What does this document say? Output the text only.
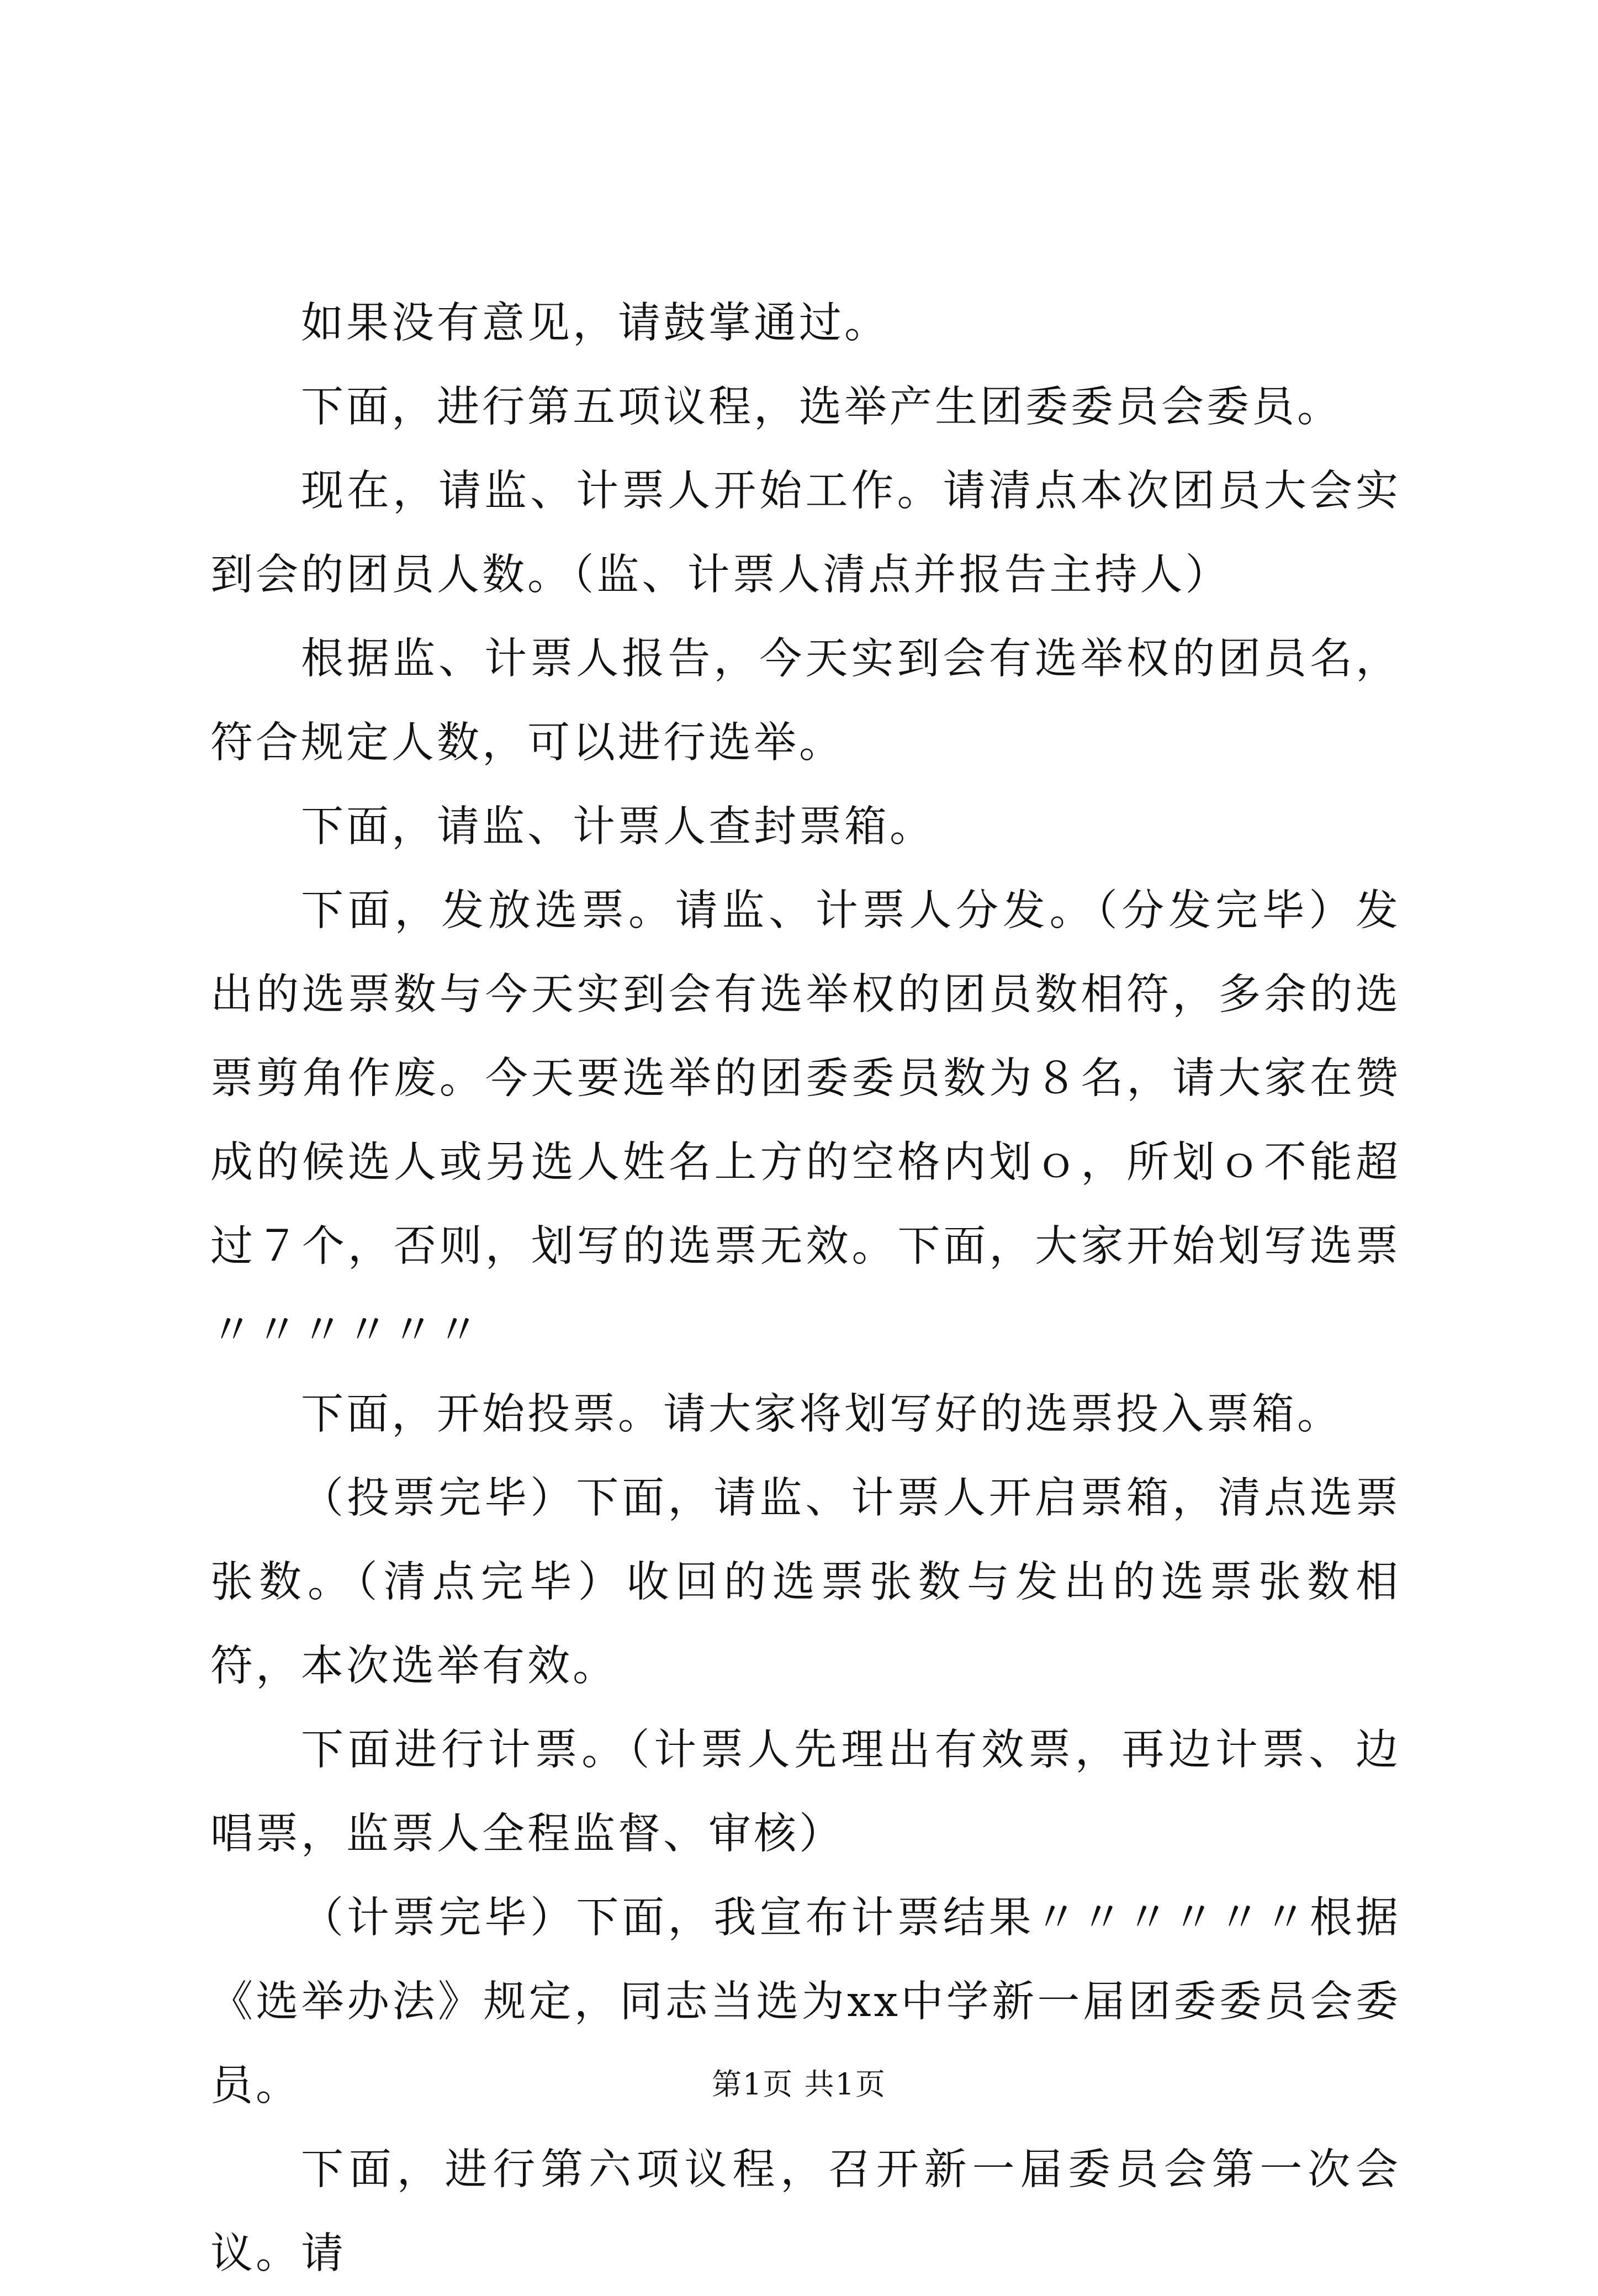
如果没有意见，请鼓掌通过。

下面，进行第五项议程，选举产生团委委员会委员。

现在，请监、计票人开始工作。请清点本次团员大会实到会的团员人数。（监、计票人清点并报告主持人）

根据监、计票人报告，今天实到会有选举权的团员名，符合规定人数，可以进行选举。

下面，请监、计票人查封票箱。

下面，发放选票。请监、计票人分发。（分发完毕）发出的选票数与今天实到会有选举权的团员数相符，多余的选票剪角作废。今天要选举的团委委员数为８名，请大家在赞成的候选人或另选人姓名上方的空格内划ｏ，所划ｏ不能超过７个，否则，划写的选票无效。下面，大家开始划写选票〃〃〃〃〃〃

下面，开始投票。请大家将划写好的选票投入票箱。

（投票完毕）下面，请监、计票人开启票箱，清点选票张数。（清点完毕）收回的选票张数与发出的选票张数相符，本次选举有效。

下面进行计票。（计票人先理出有效票，再边计票、边唱票，监票人全程监督、审核）

（计票完毕）下面，我宣布计票结果〃〃〃〃〃〃根据《选举办法》规定，同志当选为xx中学新一届团委委员会委员。

下面，进行第六项议程，召开新一届委员会第一次会议。请

第1页 共1页
